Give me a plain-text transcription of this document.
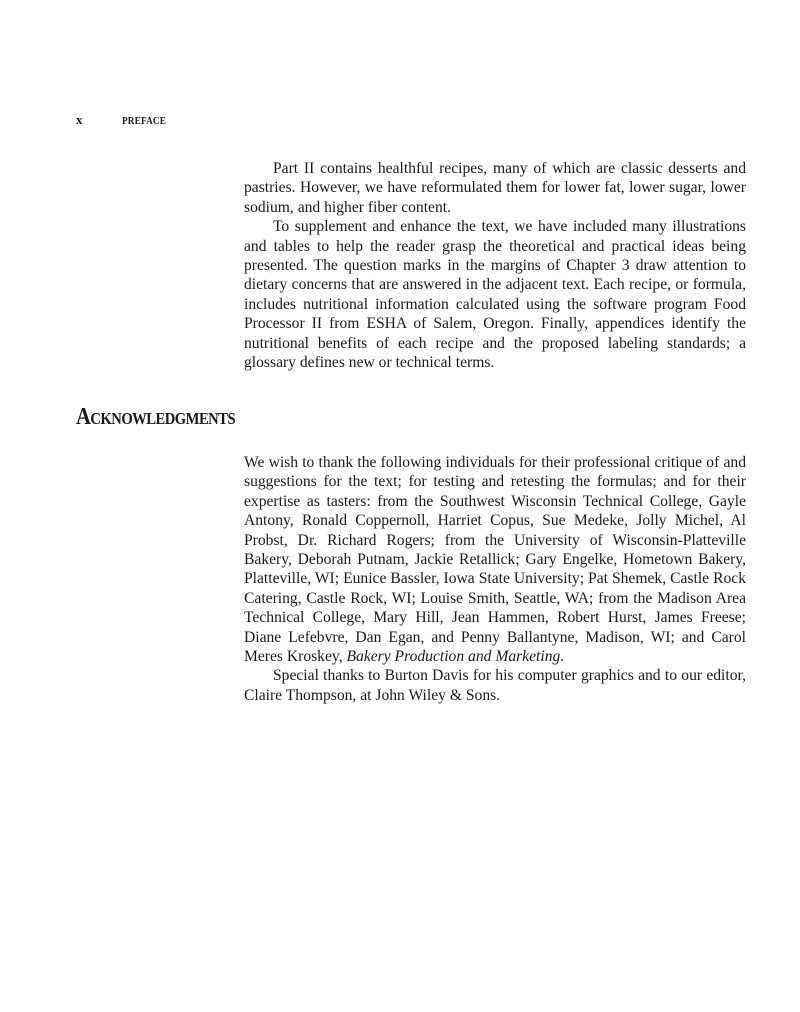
x	PREFACE

Part II contains healthful recipes, many of which are classic desserts and pastries. However, we have reformulated them for lower fat, lower sugar, lower sodium, and higher fiber content.

To supplement and enhance the text, we have included many illustrations and tables to help the reader grasp the theoretical and practical ideas being presented. The question marks in the margins of Chapter 3 draw attention to dietary concerns that are answered in the adjacent text. Each recipe, or formula, includes nutritional information calculated using the software program Food Processor II from ESHA of Salem, Oregon. Finally, appendices identify the nutritional benefits of each recipe and the proposed labeling standards; a glossary defines new or technical terms.

Acknowledgments

We wish to thank the following individuals for their professional critique of and suggestions for the text; for testing and retesting the formulas; and for their expertise as tasters: from the Southwest Wisconsin Technical College, Gayle Antony, Ronald Coppernoll, Harriet Copus, Sue Medeke, Jolly Michel, Al Probst, Dr. Richard Rogers; from the University of Wisconsin-Platteville Bakery, Deborah Putnam, Jackie Retallick; Gary Engelke, Hometown Bakery, Platteville, WI; Eunice Bassler, Iowa State University; Pat Shemek, Castle Rock Catering, Castle Rock, WI; Louise Smith, Seattle, WA; from the Madison Area Technical College, Mary Hill, Jean Hammen, Robert Hurst, James Freese; Diane Lefebvre, Dan Egan, and Penny Ballantyne, Madison, WI; and Carol Meres Kroskey, Bakery Production and Marketing.

Special thanks to Burton Davis for his computer graphics and to our editor, Claire Thompson, at John Wiley & Sons.
